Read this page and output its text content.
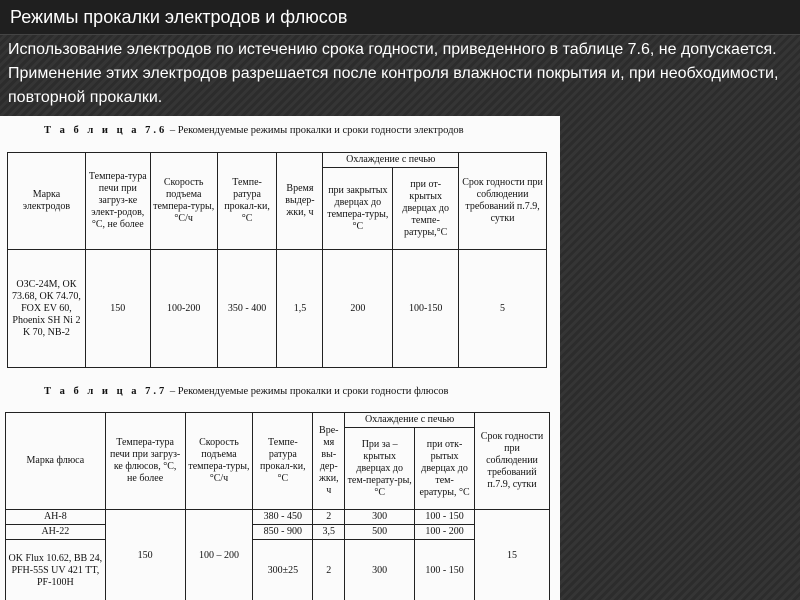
Режимы прокалки электродов и флюсов
Использование электродов по истечению срока годности, приведенного в таблице 7.6, не допускается. Применение этих электродов разрешается после контроля влажности покрытия и, при необходимости, повторной прокалки.
Т а б л и ц а 7.6 – Рекомендуемые режимы прокалки и сроки годности электродов
Марка электродов	Темпера-тура печи при загруз-ке элект-родов, °С, не более	Скорость подъема темпера-туры, °С/ч	Темпе-ратура прокал-ки, °С	Время выдер-жки, ч	Охлаждение с печью		Срок годности при соблюдении требований п.7.9, сутки
					при закрытых дверцах до темпера-туры,°С	при от-крытых дверцах до темпе-ратуры,°С	
ОЗС-24М, ОК 73.68, ОК 74.70, FOX EV 60, Phoenix SH Ni 2 K 70, NB-2	150	100-200	350 - 400	1,5	200	100-150	5
Т а б л и ц а 7.7 – Рекомендуемые режимы прокалки и сроки годности флюсов
Марка флюса	Темпера-тура печи при загруз-ке флюсов, °С, не более	Скорость подъема темпера-туры, °С/ч	Темпе-ратура прокал-ки, °С	Вре-мя вы-дер-жки, ч	Охлаждение с печью		Срок годности при соблюдении требований п.7.9, сутки
					При за – крытых дверцах до тем-перату-ры, °С	при отк-рытых дверцах до тем-ературы, °С	
АН-8	150	100 – 200	380 - 450	2	300	100 - 150	15
АН-22			850 - 900	3,5	500	100 - 200	
OK Flux 10.62, BB 24, PFH-55S UV 421 TT, PF-100H			300±25	2	300	100 - 150	
